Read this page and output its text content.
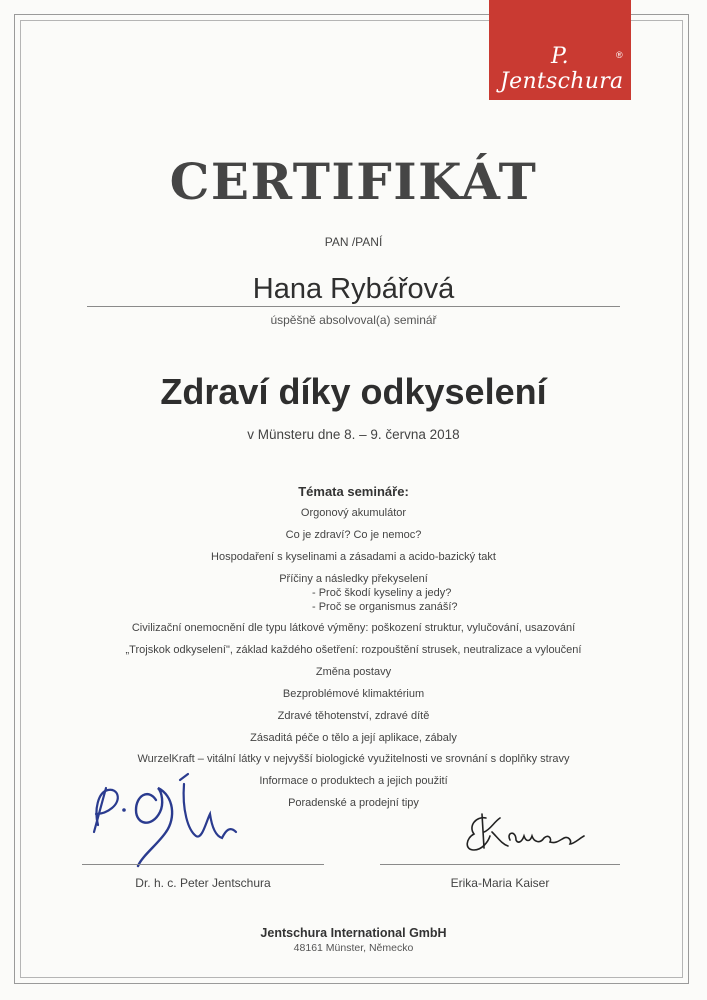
P. Jentschura
®
CERTIFIKÁT
PAN /PANÍ
Hana Rybářová
úspěšně absolvoval(a) seminář
Zdraví díky odkyselení
v Münsteru dne 8. – 9. června 2018
Témata semináře:
Orgonový akumulátor
Co je zdraví? Co je nemoc?
Hospodaření s kyselinami a zásadami a acido-bazický takt
Příčiny a následky překyselení
- Proč škodí kyseliny a jedy?
- Proč se organismus zanáší?
Civilizační onemocnění dle typu látkové výměny: poškození struktur, vylučování, usazování
„Trojskok odkyselení", základ každého ošetření: rozpouštění strusek, neutralizace a vyloučení
Změna postavy
Bezproblémové klimaktérium
Zdravé těhotenství, zdravé dítě
Zásaditá péče o tělo a její aplikace, zábaly
WurzelKraft – vitální látky v nejvyšší biologické využitelnosti ve srovnání s doplňky stravy
Informace o produktech a jejich použití
Poradenské a prodejní tipy
Dr. h. c. Peter Jentschura	Erika-Maria Kaiser
Jentschura International GmbH
48161 Münster, Německo
